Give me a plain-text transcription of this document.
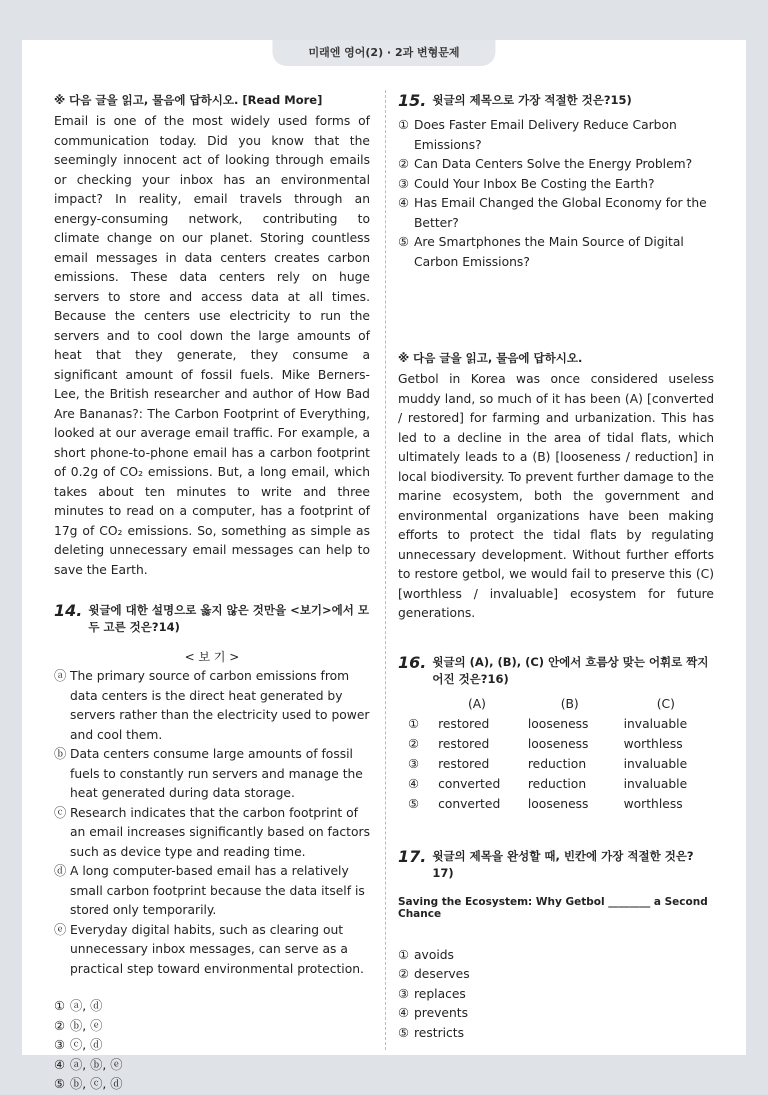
미래엔 영어(2) · 2과 변형문제

※ 다음 글을 읽고, 물음에 답하시오. [Read More]

Email is one of the most widely used forms of communication today. Did you know that the seemingly innocent act of looking through emails or checking your inbox has an environmental impact? In reality, email travels through an energy-consuming network, contributing to climate change on our planet. Storing countless email messages in data centers creates carbon emissions. These data centers rely on huge servers to store and access data at all times. Because the centers use electricity to run the servers and to cool down the large amounts of heat that they generate, they consume a significant amount of fossil fuels. Mike Berners-Lee, the British researcher and author of How Bad Are Bananas?: The Carbon Footprint of Everything, looked at our average email traffic. For example, a short phone-to-phone email has a carbon footprint of 0.2g of CO₂ emissions. But, a long email, which takes about ten minutes to write and three minutes to read on a computer, has a footprint of 17g of CO₂ emissions. So, something as simple as deleting unnecessary email messages can help to save the Earth.

14. 윗글에 대한 설명으로 옳지 않은 것만을 <보기>에서 모두 고른 것은?14)
< 보 기 >
ⓐ The primary source of carbon emissions from data centers is the direct heat generated by servers rather than the electricity used to power and cool them.
ⓑ Data centers consume large amounts of fossil fuels to constantly run servers and manage the heat generated during data storage.
ⓒ Research indicates that the carbon footprint of an email increases significantly based on factors such as device type and reading time.
ⓓ A long computer-based email has a relatively small carbon footprint because the data itself is stored only temporarily.
ⓔ Everyday digital habits, such as clearing out unnecessary inbox messages, can serve as a practical step toward environmental protection.
① ⓐ, ⓓ
② ⓑ, ⓔ
③ ⓒ, ⓓ
④ ⓐ, ⓑ, ⓔ
⑤ ⓑ, ⓒ, ⓓ
15. 윗글의 제목으로 가장 적절한 것은?15)
① Does Faster Email Delivery Reduce Carbon Emissions?
② Can Data Centers Solve the Energy Problem?
③ Could Your Inbox Be Costing the Earth?
④ Has Email Changed the Global Economy for the Better?
⑤ Are Smartphones the Main Source of Digital Carbon Emissions?

※ 다음 글을 읽고, 물음에 답하시오.

Getbol in Korea was once considered useless muddy land, so much of it has been (A) [converted / restored] for farming and urbanization. This has led to a decline in the area of tidal flats, which ultimately leads to a (B) [looseness / reduction] in local biodiversity. To prevent further damage to the marine ecosystem, both the government and environmental organizations have been making efforts to protect the tidal flats by regulating unnecessary development. Without further efforts to restore getbol, we would fail to preserve this (C) [worthless / invaluable] ecosystem for future generations.

16. 윗글의 (A), (B), (C) 안에서 흐름상 맞는 어휘로 짝지어진 것은?16)
	(A)	(B)	(C)
①	restored	looseness	invaluable
②	restored	looseness	worthless
③	restored	reduction	invaluable
④	converted	reduction	invaluable
⑤	converted	looseness	worthless
17. 윗글의 제목을 완성할 때, 빈칸에 가장 적절한 것은?17)
Saving the Ecosystem: Why Getbol ________ a Second Chance
① avoids
② deserves
③ replaces
④ prevents
⑤ restricts
